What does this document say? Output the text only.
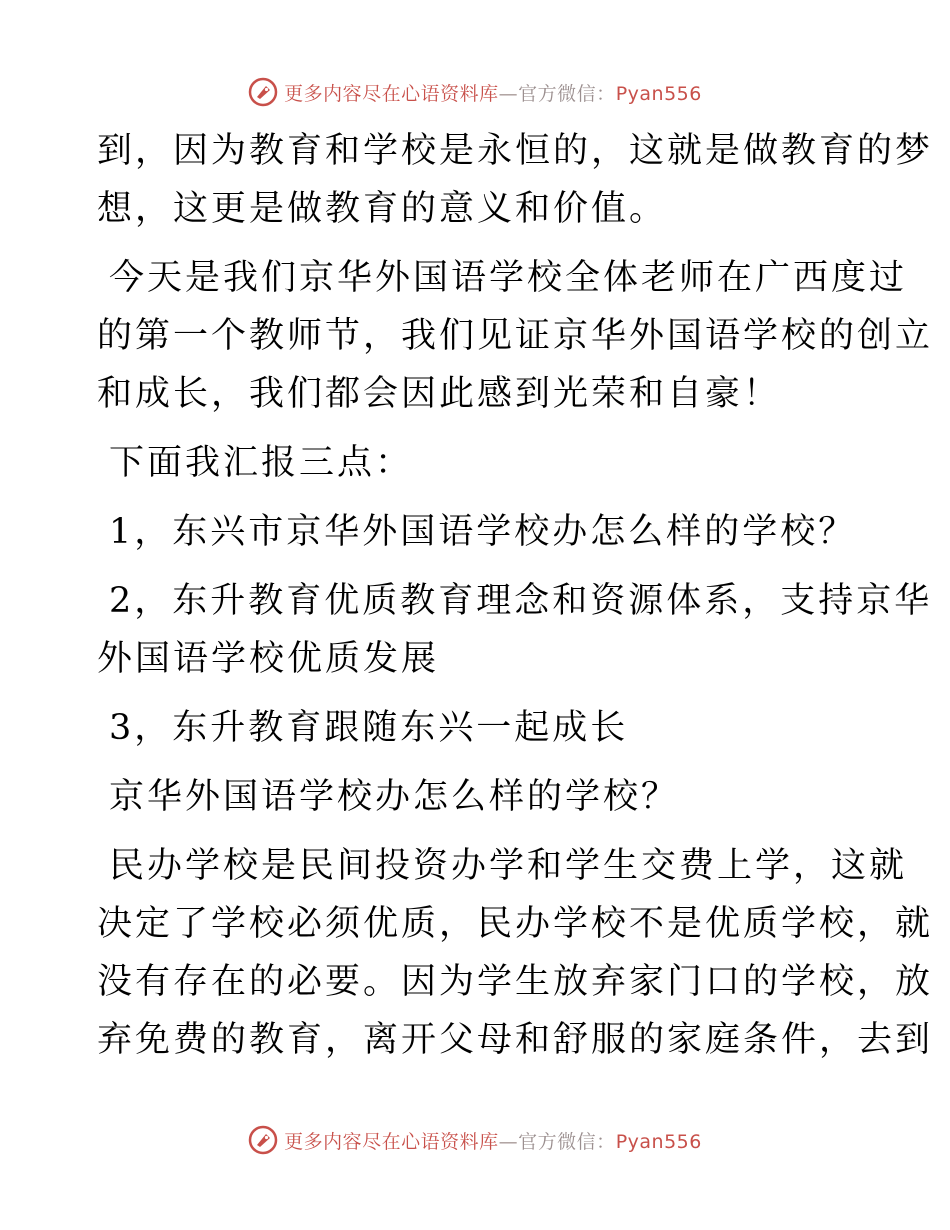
更多内容尽在心语资料库—官方微信：Pyan556

到，因为教育和学校是永恒的，这就是做教育的梦
想，这更是做教育的意义和价值。

今天是我们京华外国语学校全体老师在广西度过
的第一个教师节，我们见证京华外国语学校的创立
和成长，我们都会因此感到光荣和自豪！

下面我汇报三点：

1，东兴市京华外国语学校办怎么样的学校？

2，东升教育优质教育理念和资源体系，支持京华
外国语学校优质发展

3，东升教育跟随东兴一起成长

京华外国语学校办怎么样的学校？

民办学校是民间投资办学和学生交费上学，这就
决定了学校必须优质，民办学校不是优质学校，就
没有存在的必要。因为学生放弃家门口的学校，放
弃免费的教育，离开父母和舒服的家庭条件，去到

更多内容尽在心语资料库—官方微信：Pyan556
